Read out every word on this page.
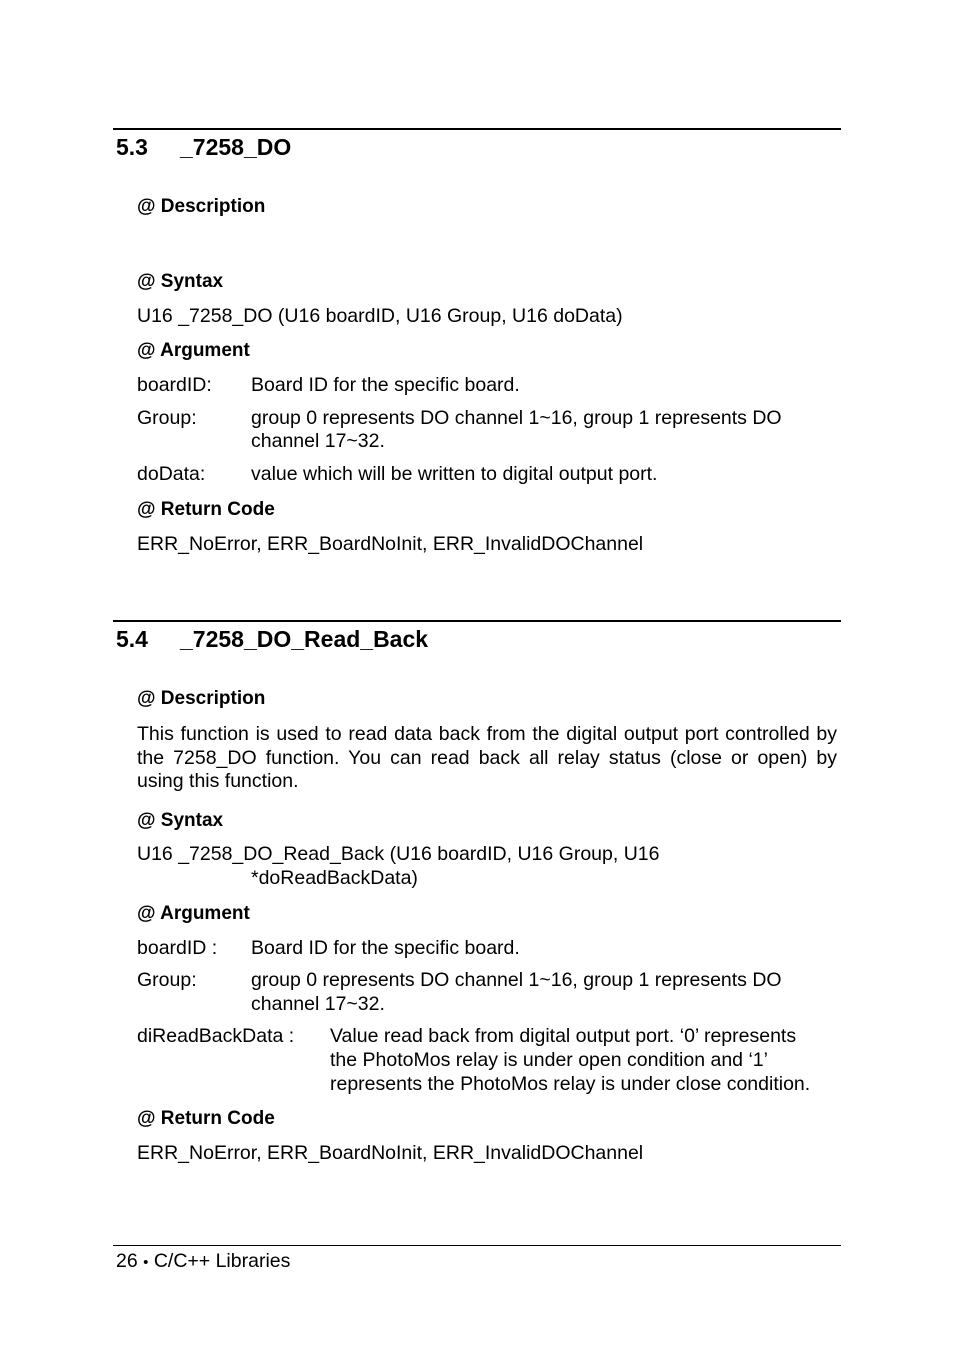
5.3 _7258_DO
@ Description
@ Syntax
U16 _7258_DO (U16 boardID, U16 Group, U16 doData)
@ Argument
boardID: Board ID for the specific board.
Group:	group 0 represents DO channel 1~16, group 1 represents DO
channel 17~32.
doData: value which will be written to digital output port.
@ Return Code
ERR_NoError, ERR_BoardNoInit, ERR_InvalidDOChannel
5.4 _7258_DO_Read_Back
@ Description
This function is used to read data back from the digital output port controlled by the 7258_DO function. You can read back all relay status (close or open) by using this function.
@ Syntax
U16 _7258_DO_Read_Back (U16 boardID, U16 Group, U16
*doReadBackData)
@ Argument
boardID : Board ID for the specific board.
Group:	group 0 represents DO channel 1~16, group 1 represents DO
channel 17~32.
diReadBackData : Value read back from digital output port. ‘0’ represents
the PhotoMos relay is under open condition and ‘1’
represents the PhotoMos relay is under close condition.
@ Return Code
ERR_NoError, ERR_BoardNoInit, ERR_InvalidDOChannel
26 • C/C++ Libraries
